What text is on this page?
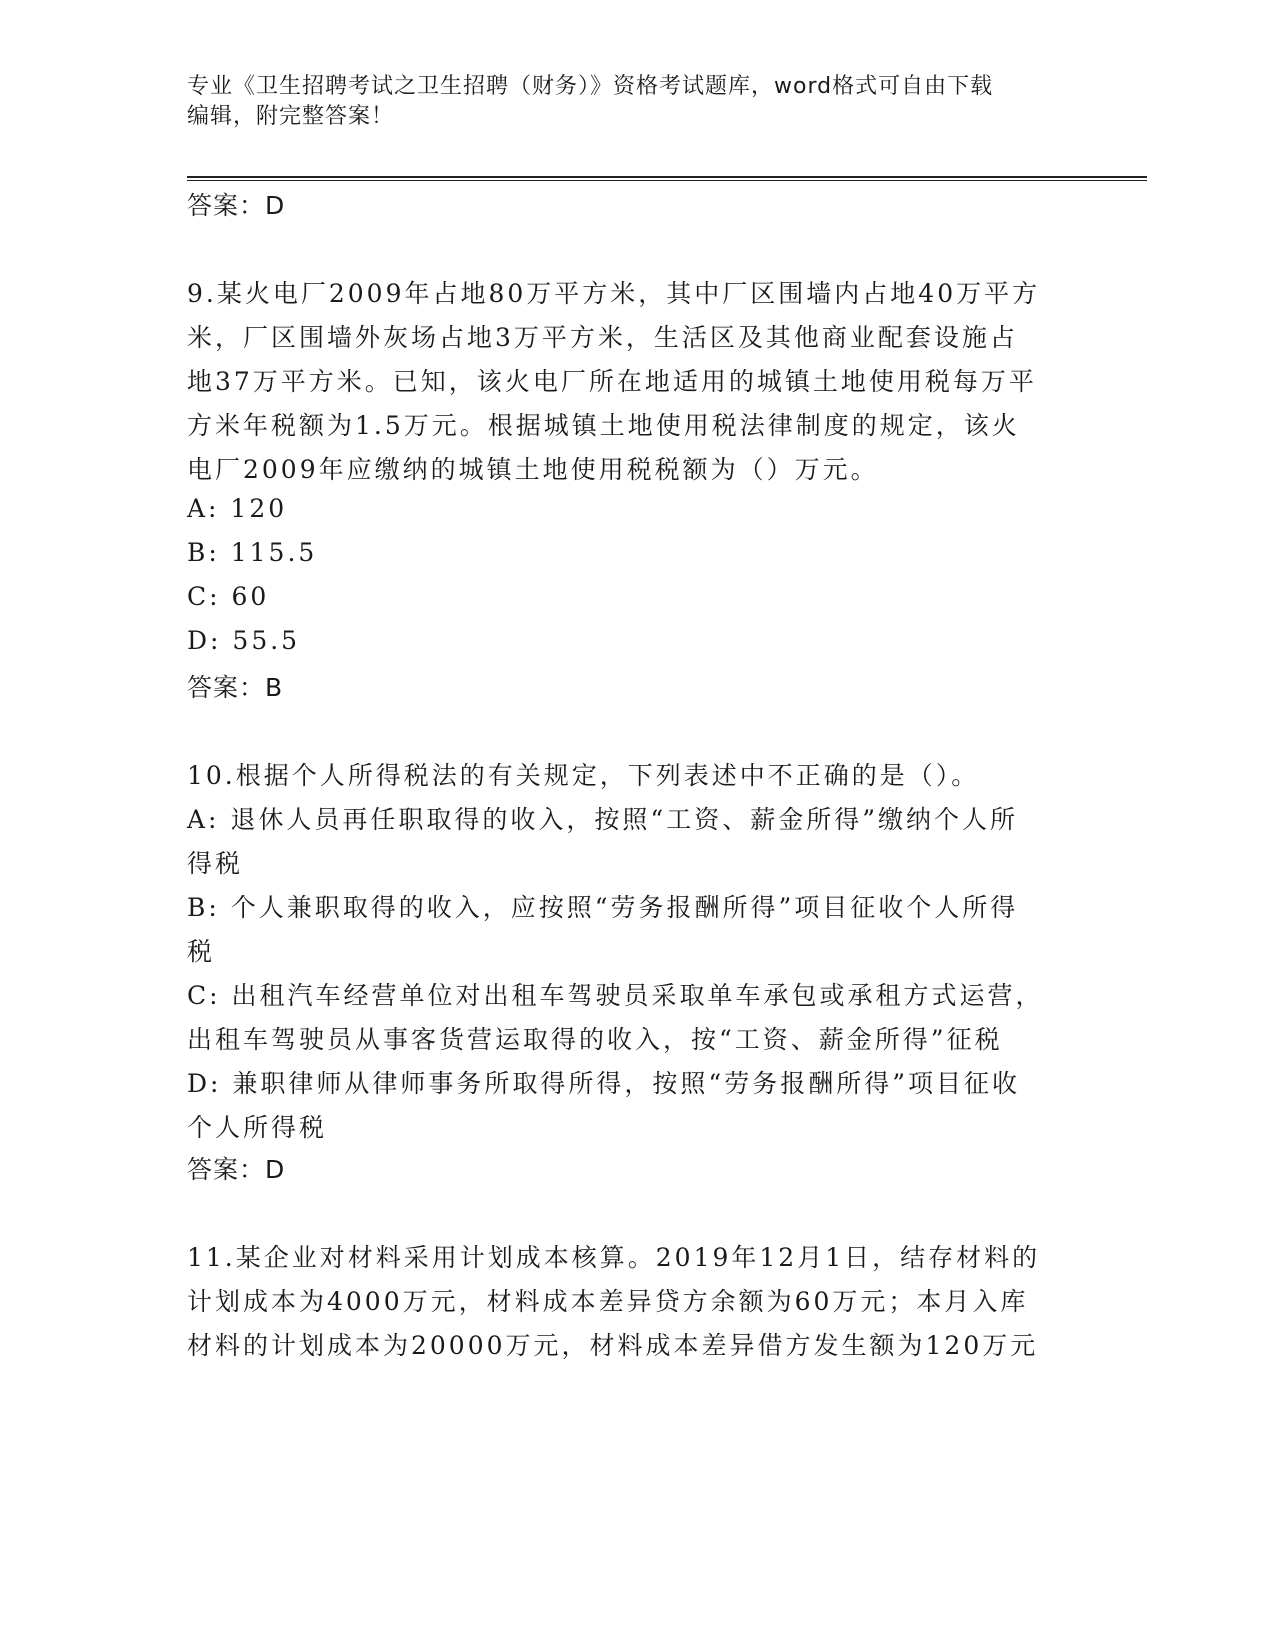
专业《卫生招聘考试之卫生招聘（财务）》资格考试题库，word格式可自由下载
编辑，附完整答案！
答案：D
9.某火电厂2009年占地80万平方米，其中厂区围墙内占地40万平方
米，厂区围墙外灰场占地3万平方米，生活区及其他商业配套设施占
地37万平方米。已知，该火电厂所在地适用的城镇土地使用税每万平
方米年税额为1.5万元。根据城镇土地使用税法律制度的规定，该火
电厂2009年应缴纳的城镇土地使用税税额为（）万元。
A: 120
B: 115.5
C: 60
D: 55.5
答案：B
10.根据个人所得税法的有关规定，下列表述中不正确的是（）。
A: 退休人员再任职取得的收入，按照“工资、薪金所得”缴纳个人所
得税
B: 个人兼职取得的收入，应按照“劳务报酬所得”项目征收个人所得
税
C: 出租汽车经营单位对出租车驾驶员采取单车承包或承租方式运营，
出租车驾驶员从事客货营运取得的收入，按“工资、薪金所得”征税
D: 兼职律师从律师事务所取得所得，按照“劳务报酬所得”项目征收
个人所得税
答案：D
11.某企业对材料采用计划成本核算。2019年12月1日，结存材料的
计划成本为4000万元，材料成本差异贷方余额为60万元；本月入库
材料的计划成本为20000万元，材料成本差异借方发生额为120万元
